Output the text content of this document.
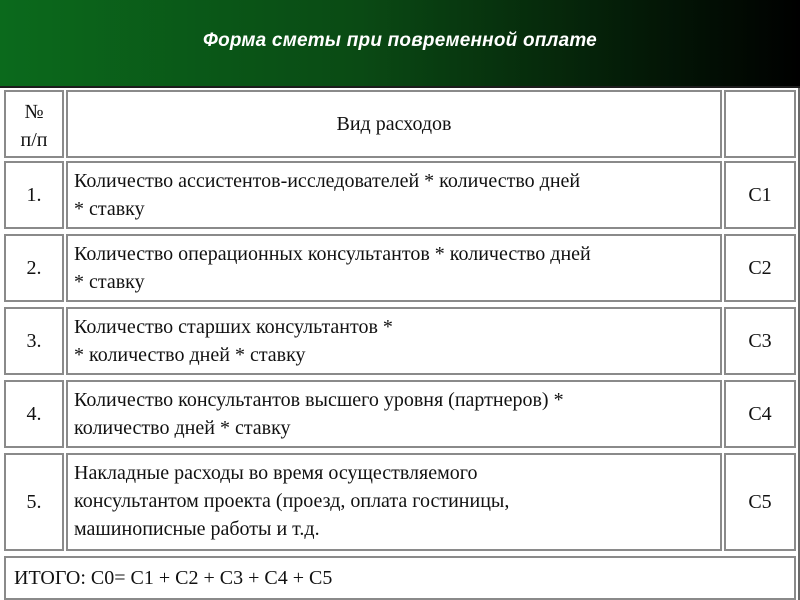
Форма сметы при повременной оплате
№
п/п
Вид расходов
1.
Количество ассистентов-исследователей * количество дней
* ставку
С1
2.
Количество операционных консультантов * количество дней
* ставку
С2
3.
Количество старших консультантов *
* количество дней * ставку
С3
4.
Количество консультантов высшего уровня (партнеров) *
количество дней * ставку
С4
5.
Накладные расходы во время осуществляемого
консультантом проекта (проезд, оплата гостиницы,
машинописные работы и т.д.
С5
ИТОГО: С0= С1 + С2 + С3 + С4 + С5
